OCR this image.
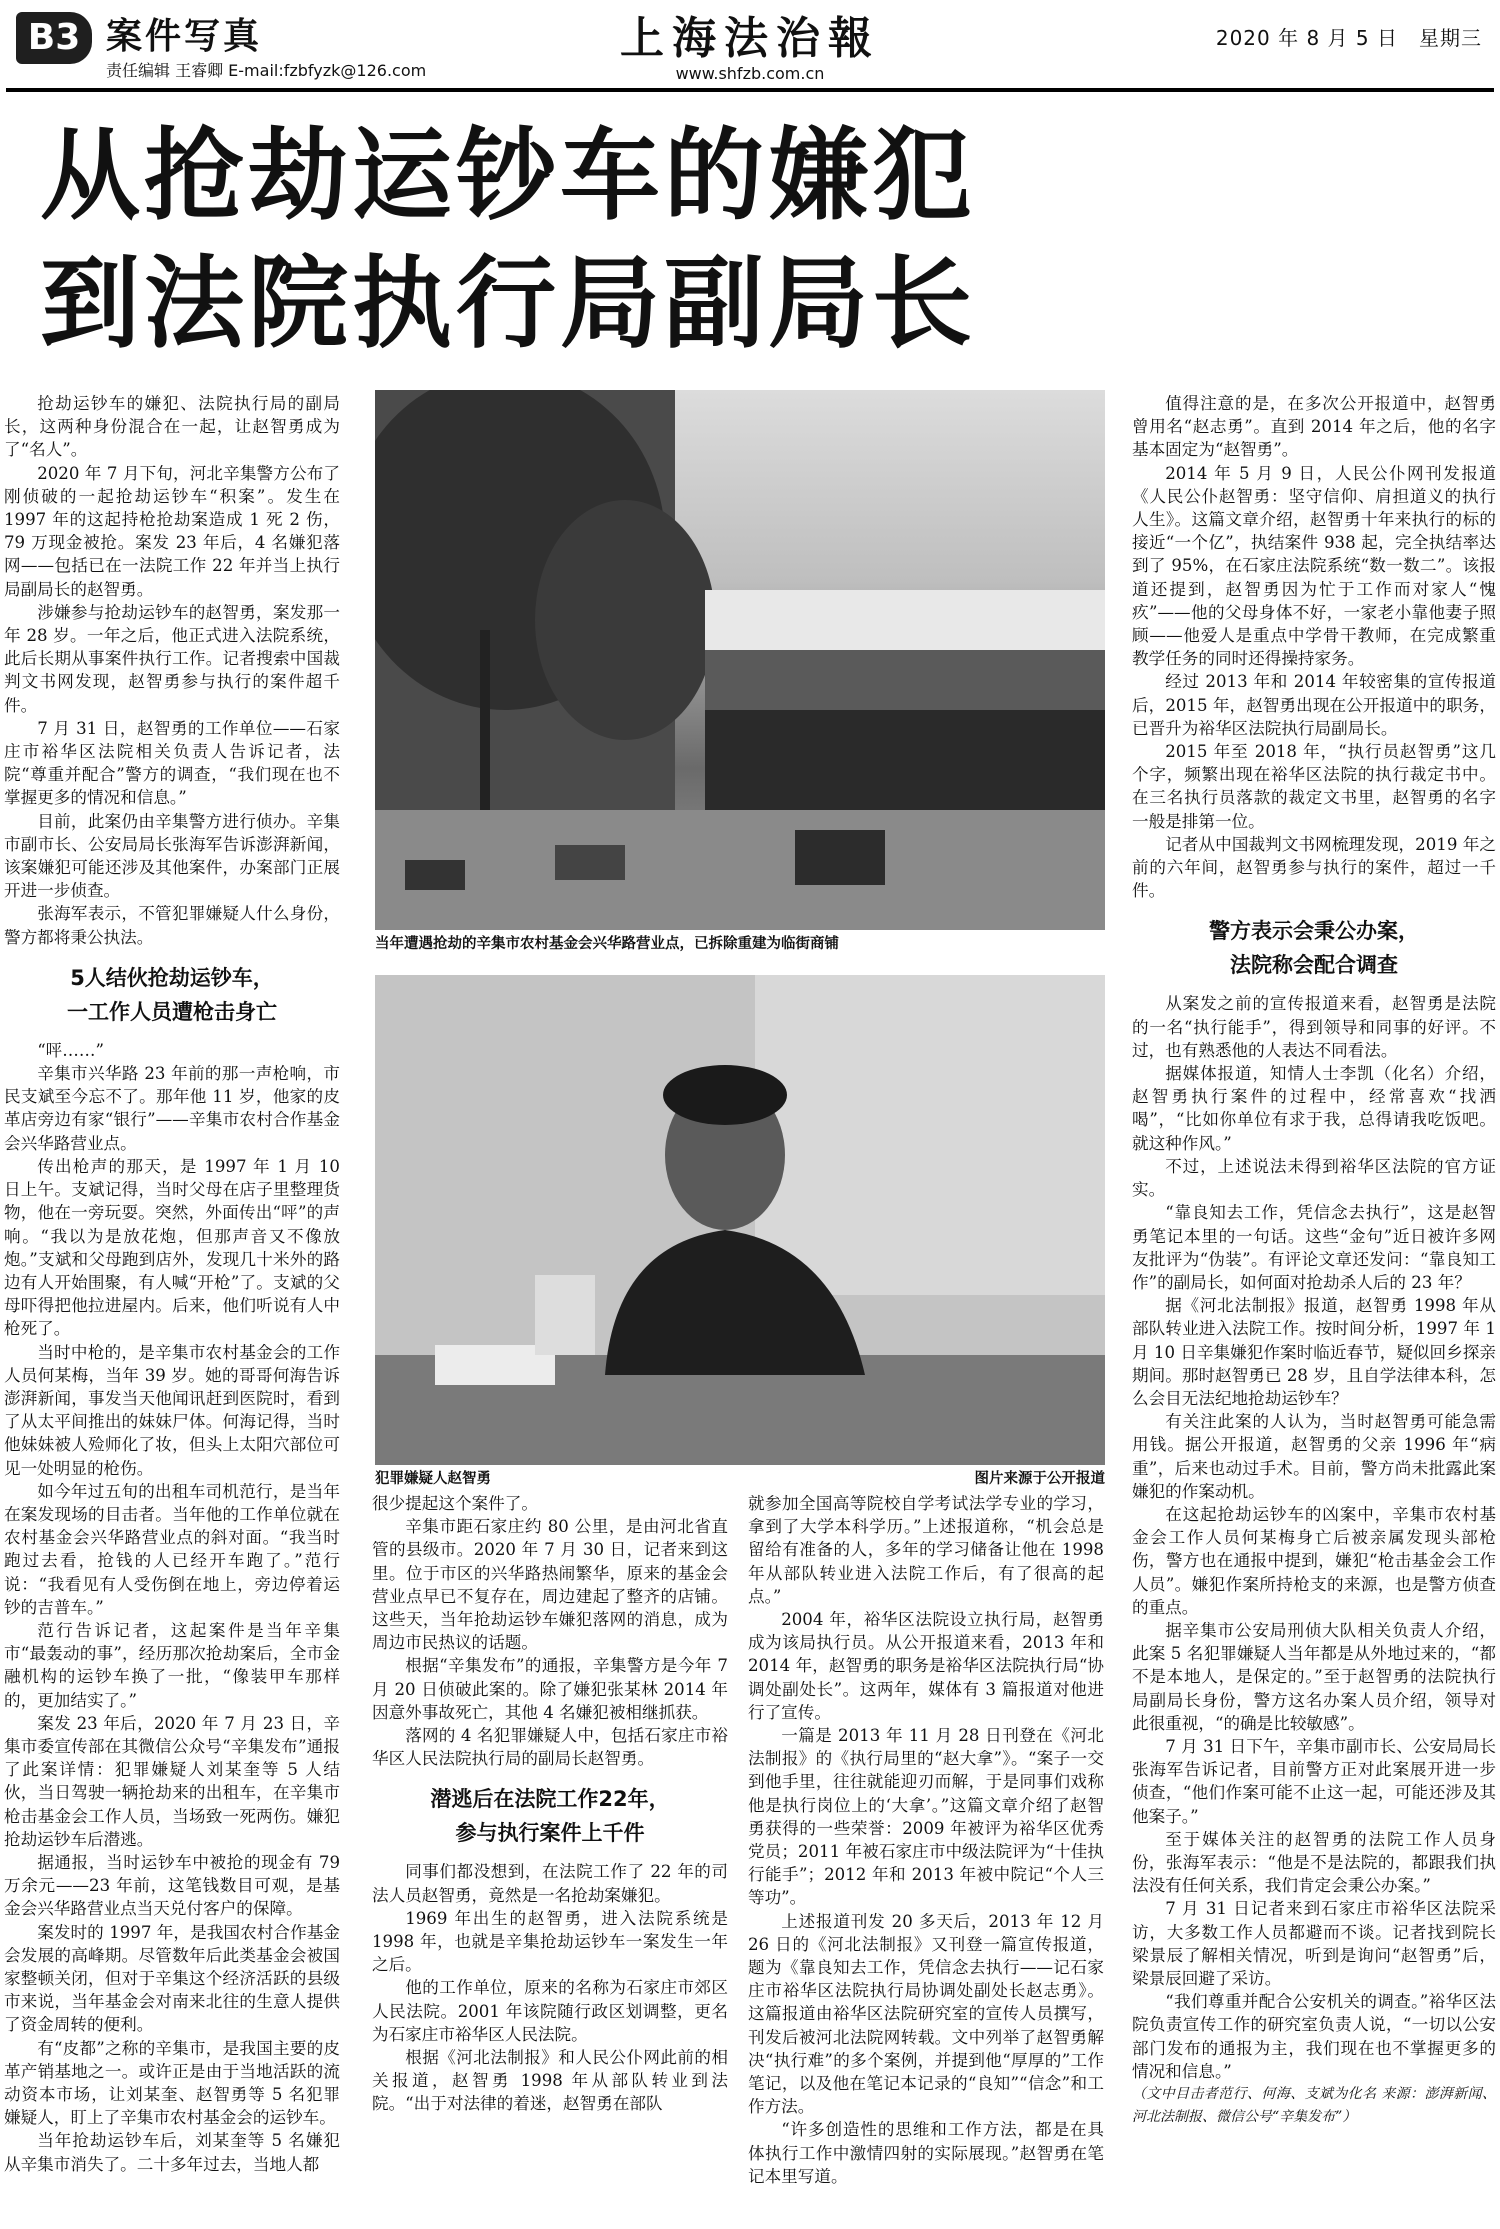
B3 案件写真
责任编辑 王睿卿 E-mail:fzbfyzk@126.com
上海法治報
www.shfzb.com.cn
2020 年 8 月 5 日　星期三
从抢劫运钞车的嫌犯
到法院执行局副局长

抢劫运钞车的嫌犯、法院执行局的副局长，这两种身份混合在一起，让赵智勇成为了“名人”。

2020 年 7 月下旬，河北辛集警方公布了刚侦破的一起抢劫运钞车“积案”。发生在 1997 年的这起持枪抢劫案造成 1 死 2 伤，79 万现金被抢。案发 23 年后，4 名嫌犯落网——包括已在一法院工作 22 年并当上执行局副局长的赵智勇。

涉嫌参与抢劫运钞车的赵智勇，案发那一年 28 岁。一年之后，他正式进入法院系统，此后长期从事案件执行工作。记者搜索中国裁判文书网发现，赵智勇参与执行的案件超千件。

7 月 31 日，赵智勇的工作单位——石家庄市裕华区法院相关负责人告诉记者，法院“尊重并配合”警方的调查，“我们现在也不掌握更多的情况和信息。”

目前，此案仍由辛集警方进行侦办。辛集市副市长、公安局局长张海军告诉澎湃新闻，该案嫌犯可能还涉及其他案件，办案部门正展开进一步侦查。

张海军表示，不管犯罪嫌疑人什么身份，警方都将秉公执法。

5人结伙抢劫运钞车，
一工作人员遭枪击身亡

“呯……”

辛集市兴华路 23 年前的那一声枪响，市民支斌至今忘不了。那年他 11 岁，他家的皮革店旁边有家“银行”——辛集市农村合作基金会兴华路营业点。

传出枪声的那天，是 1997 年 1 月 10 日上午。支斌记得，当时父母在店子里整理货物，他在一旁玩耍。突然，外面传出“呯”的声响。“我以为是放花炮，但那声音又不像放炮。”支斌和父母跑到店外，发现几十米外的路边有人开始围聚，有人喊“开枪”了。支斌的父母吓得把他拉进屋内。后来，他们听说有人中枪死了。

当时中枪的，是辛集市农村基金会的工作人员何某梅，当年 39 岁。她的哥哥何海告诉澎湃新闻，事发当天他闻讯赶到医院时，看到了从太平间推出的妹妹尸体。何海记得，当时他妹妹被人殓师化了妆，但头上太阳穴部位可见一处明显的枪伤。

如今年过五旬的出租车司机范行，是当年在案发现场的目击者。当年他的工作单位就在农村基金会兴华路营业点的斜对面。“我当时跑过去看，抢钱的人已经开车跑了。”范行说：“我看见有人受伤倒在地上，旁边停着运钞的吉普车。”

范行告诉记者，这起案件是当年辛集市“最轰动的事”，经历那次抢劫案后，全市金融机构的运钞车换了一批，“像装甲车那样的，更加结实了。”

案发 23 年后，2020 年 7 月 23 日，辛集市委宣传部在其微信公众号“辛集发布”通报了此案详情：犯罪嫌疑人刘某奎等 5 人结伙，当日驾驶一辆抢劫来的出租车，在辛集市枪击基金会工作人员，当场致一死两伤。嫌犯抢劫运钞车后潜逃。

据通报，当时运钞车中被抢的现金有 79 万余元——23 年前，这笔钱数目可观，是基金会兴华路营业点当天兑付客户的保障。

案发时的 1997 年，是我国农村合作基金会发展的高峰期。尽管数年后此类基金会被国家整顿关闭，但对于辛集这个经济活跃的县级市来说，当年基金会对南来北往的生意人提供了资金周转的便利。

有“皮都”之称的辛集市，是我国主要的皮革产销基地之一。或许正是由于当地活跃的流动资本市场，让刘某奎、赵智勇等 5 名犯罪嫌疑人，盯上了辛集市农村基金会的运钞车。

当年抢劫运钞车后，刘某奎等 5 名嫌犯从辛集市消失了。二十多年过去，当地人都

当年遭遇抢劫的辛集市农村基金会兴华路营业点，已拆除重建为临街商铺
犯罪嫌疑人赵智勇	图片来源于公开报道

很少提起这个案件了。

辛集市距石家庄约 80 公里，是由河北省直管的县级市。2020 年 7 月 30 日，记者来到这里。位于市区的兴华路热闹繁华，原来的基金会营业点早已不复存在，周边建起了整齐的店铺。这些天，当年抢劫运钞车嫌犯落网的消息，成为周边市民热议的话题。

根据“辛集发布”的通报，辛集警方是今年 7 月 20 日侦破此案的。除了嫌犯张某林 2014 年因意外事故死亡，其他 4 名嫌犯被相继抓获。

落网的 4 名犯罪嫌疑人中，包括石家庄市裕华区人民法院执行局的副局长赵智勇。

潜逃后在法院工作22年，
参与执行案件上千件

同事们都没想到，在法院工作了 22 年的司法人员赵智勇，竟然是一名抢劫案嫌犯。

1969 年出生的赵智勇，进入法院系统是 1998 年，也就是辛集抢劫运钞车一案发生一年之后。

他的工作单位，原来的名称为石家庄市郊区人民法院。2001 年该院随行政区划调整，更名为石家庄市裕华区人民法院。

根据《河北法制报》和人民公仆网此前的相关报道，赵智勇 1998 年从部队转业到法院。“出于对法律的着迷，赵智勇在部队

就参加全国高等院校自学考试法学专业的学习，拿到了大学本科学历。”上述报道称，“机会总是留给有准备的人，多年的学习储备让他在 1998 年从部队转业进入法院工作后，有了很高的起点。”

2004 年，裕华区法院设立执行局，赵智勇成为该局执行员。从公开报道来看，2013 年和 2014 年，赵智勇的职务是裕华区法院执行局“协调处副处长”。这两年，媒体有 3 篇报道对他进行了宣传。

一篇是 2013 年 11 月 28 日刊登在《河北法制报》的《执行局里的“赵大拿”》。“案子一交到他手里，往往就能迎刃而解，于是同事们戏称他是执行岗位上的‘大拿’。”这篇文章介绍了赵智勇获得的一些荣誉：2009 年被评为裕华区优秀党员；2011 年被石家庄市中级法院评为“十佳执行能手”；2012 年和 2013 年被中院记“个人三等功”。

上述报道刊发 20 多天后，2013 年 12 月 26 日的《河北法制报》又刊登一篇宣传报道，题为《靠良知去工作，凭信念去执行——记石家庄市裕华区法院执行局协调处副处长赵志勇》。这篇报道由裕华区法院研究室的宣传人员撰写，刊发后被河北法院网转载。文中列举了赵智勇解决“执行难”的多个案例，并提到他“厚厚的”工作笔记，以及他在笔记本记录的“良知”“信念”和工作方法。

“许多创造性的思维和工作方法，都是在具体执行工作中激情四射的实际展现。”赵智勇在笔记本里写道。

值得注意的是，在多次公开报道中，赵智勇曾用名“赵志勇”。直到 2014 年之后，他的名字基本固定为“赵智勇”。

2014 年 5 月 9 日，人民公仆网刊发报道《人民公仆赵智勇：坚守信仰、肩担道义的执行人生》。这篇文章介绍，赵智勇十年来执行的标的接近“一个亿”，执结案件 938 起，完全执结率达到了 95%，在石家庄法院系统“数一数二”。该报道还提到，赵智勇因为忙于工作而对家人“愧疚”——他的父母身体不好，一家老小靠他妻子照顾——他爱人是重点中学骨干教师，在完成繁重教学任务的同时还得操持家务。

经过 2013 年和 2014 年较密集的宣传报道后，2015 年，赵智勇出现在公开报道中的职务，已晋升为裕华区法院执行局副局长。

2015 年至 2018 年，“执行员赵智勇”这几个字，频繁出现在裕华区法院的执行裁定书中。在三名执行员落款的裁定文书里，赵智勇的名字一般是排第一位。

记者从中国裁判文书网梳理发现，2019 年之前的六年间，赵智勇参与执行的案件，超过一千件。

警方表示会秉公办案，
法院称会配合调查

从案发之前的宣传报道来看，赵智勇是法院的一名“执行能手”，得到领导和同事的好评。不过，也有熟悉他的人表达不同看法。

据媒体报道，知情人士李凯（化名）介绍，赵智勇执行案件的过程中，经常喜欢“找洒喝”，“比如你单位有求于我，总得请我吃饭吧。就这种作风。”

不过，上述说法未得到裕华区法院的官方证实。

“靠良知去工作，凭信念去执行”，这是赵智勇笔记本里的一句话。这些“金句”近日被许多网友批评为“伪装”。有评论文章还发问：“靠良知工作”的副局长，如何面对抢劫杀人后的 23 年？

据《河北法制报》报道，赵智勇 1998 年从部队转业进入法院工作。按时间分析，1997 年 1 月 10 日辛集嫌犯作案时临近春节，疑似回乡探亲期间。那时赵智勇已 28 岁，且自学法律本科，怎么会目无法纪地抢劫运钞车？

有关注此案的人认为，当时赵智勇可能急需用钱。据公开报道，赵智勇的父亲 1996 年“病重”，后来也动过手术。目前，警方尚未批露此案嫌犯的作案动机。

在这起抢劫运钞车的凶案中，辛集市农村基金会工作人员何某梅身亡后被亲属发现头部枪伤，警方也在通报中提到，嫌犯“枪击基金会工作人员”。嫌犯作案所持枪支的来源，也是警方侦查的重点。

据辛集市公安局刑侦大队相关负责人介绍，此案 5 名犯罪嫌疑人当年都是从外地过来的，“都不是本地人，是保定的。”至于赵智勇的法院执行局副局长身份，警方这名办案人员介绍，领导对此很重视，“的确是比较敏感”。

7 月 31 日下午，辛集市副市长、公安局局长张海军告诉记者，目前警方正对此案展开进一步侦查，“他们作案可能不止这一起，可能还涉及其他案子。”

至于媒体关注的赵智勇的法院工作人员身份，张海军表示：“他是不是法院的，都跟我们执法没有任何关系，我们肯定会秉公办案。”

7 月 31 日记者来到石家庄市裕华区法院采访，大多数工作人员都避而不谈。记者找到院长梁景辰了解相关情况，听到是询问“赵智勇”后，梁景辰回避了采访。

“我们尊重并配合公安机关的调查。”裕华区法院负责宣传工作的研究室负责人说，“一切以公安部门发布的通报为主，我们现在也不掌握更多的情况和信息。”

（文中目击者范行、何海、支斌为化名 来源：澎湃新闻、河北法制报、微信公号“辛集发布”）
